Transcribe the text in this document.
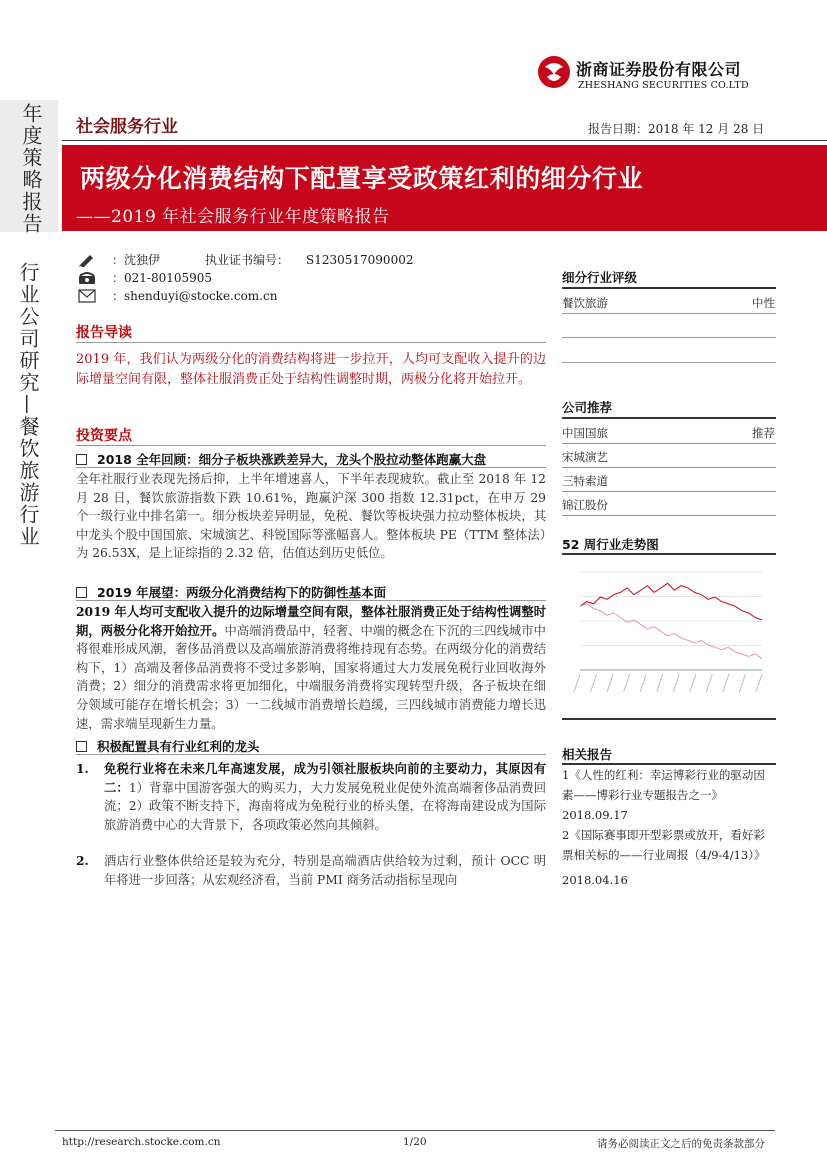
浙商证券股份有限公司
ZHESHANG SECURITIES CO.LTD
年度策略报告
行业公司研究—餐饮旅游行业
社会服务行业	报告日期：2018 年 12 月 28 日
两级分化消费结构下配置享受政策红利的细分行业
——2019 年社会服务行业年度策略报告
：沈独伊	执业证书编号： S1230517090002
：021-80105905
：shenduyi@stocke.com.cn
报告导读
2019 年，我们认为两级分化的消费结构将进一步拉开，人均可支配收入提升的边际增量空间有限，整体社服消费正处于结构性调整时期，两极分化将开始拉开。
投资要点
2018 全年回顾：细分子板块涨跌差异大，龙头个股拉动整体跑赢大盘
全年社服行业表现先扬后抑，上半年增速喜人，下半年表现疲软。截止至 2018 年 12 月 28 日，餐饮旅游指数下跌 10.61%，跑赢沪深 300 指数 12.31pct，在申万 29 个一级行业中排名第一。细分板块差异明显，免税、餐饮等板块强力拉动整体板块，其中龙头个股中国国旅、宋城演艺、科锐国际等涨幅喜人。整体板块 PE（TTM 整体法）为 26.53X，是上证综指的 2.32 倍，估值达到历史低位。
2019 年展望：两级分化消费结构下的防御性基本面
2019 年人均可支配收入提升的边际增量空间有限，整体社服消费正处于结构性调整时期，两极分化将开始拉开。中高端消费品中，轻奢、中端的概念在下沉的三四线城市中将很难形成风潮，奢侈品消费以及高端旅游消费将维持现有态势。在两级分化的消费结构下，1）高端及奢侈品消费将不受过多影响，国家将通过大力发展免税行业回收海外消费；2）细分的消费需求将更加细化，中端服务消费将实现转型升级，各子板块在细分领域可能存在增长机会；3）一二线城市消费增长趋缓，三四线城市消费能力增长迅速，需求端呈现新生力量。
积极配置具有行业红利的龙头
1. 免税行业将在未来几年高速发展，成为引领社服板块向前的主要动力，其原因有二：1）背靠中国游客强大的购买力，大力发展免税业促使外流高端奢侈品消费回流；2）政策不断支持下，海南将成为免税行业的桥头堡，在将海南建设成为国际旅游消费中心的大背景下，各项政策必然向其倾斜。
2. 酒店行业整体供给还是较为充分，特别是高端酒店供给较为过剩，预计 OCC 明年将进一步回落；从宏观经济看，当前 PMI 商务活动指标呈现向
细分行业评级
餐饮旅游	中性
公司推荐
中国国旅	推荐
宋城演艺
三特索道
锦江股份
52 周行业走势图
相关报告
1《人性的红利：幸运博彩行业的驱动因素——博彩行业专题报告之一》
2018.09.17
2《国际赛事即开型彩票或放开，看好彩票相关标的——行业周报（4/9-4/13）》
2018.04.16
http://research.stocke.com.cn	1/20	请务必阅读正文之后的免责条款部分
